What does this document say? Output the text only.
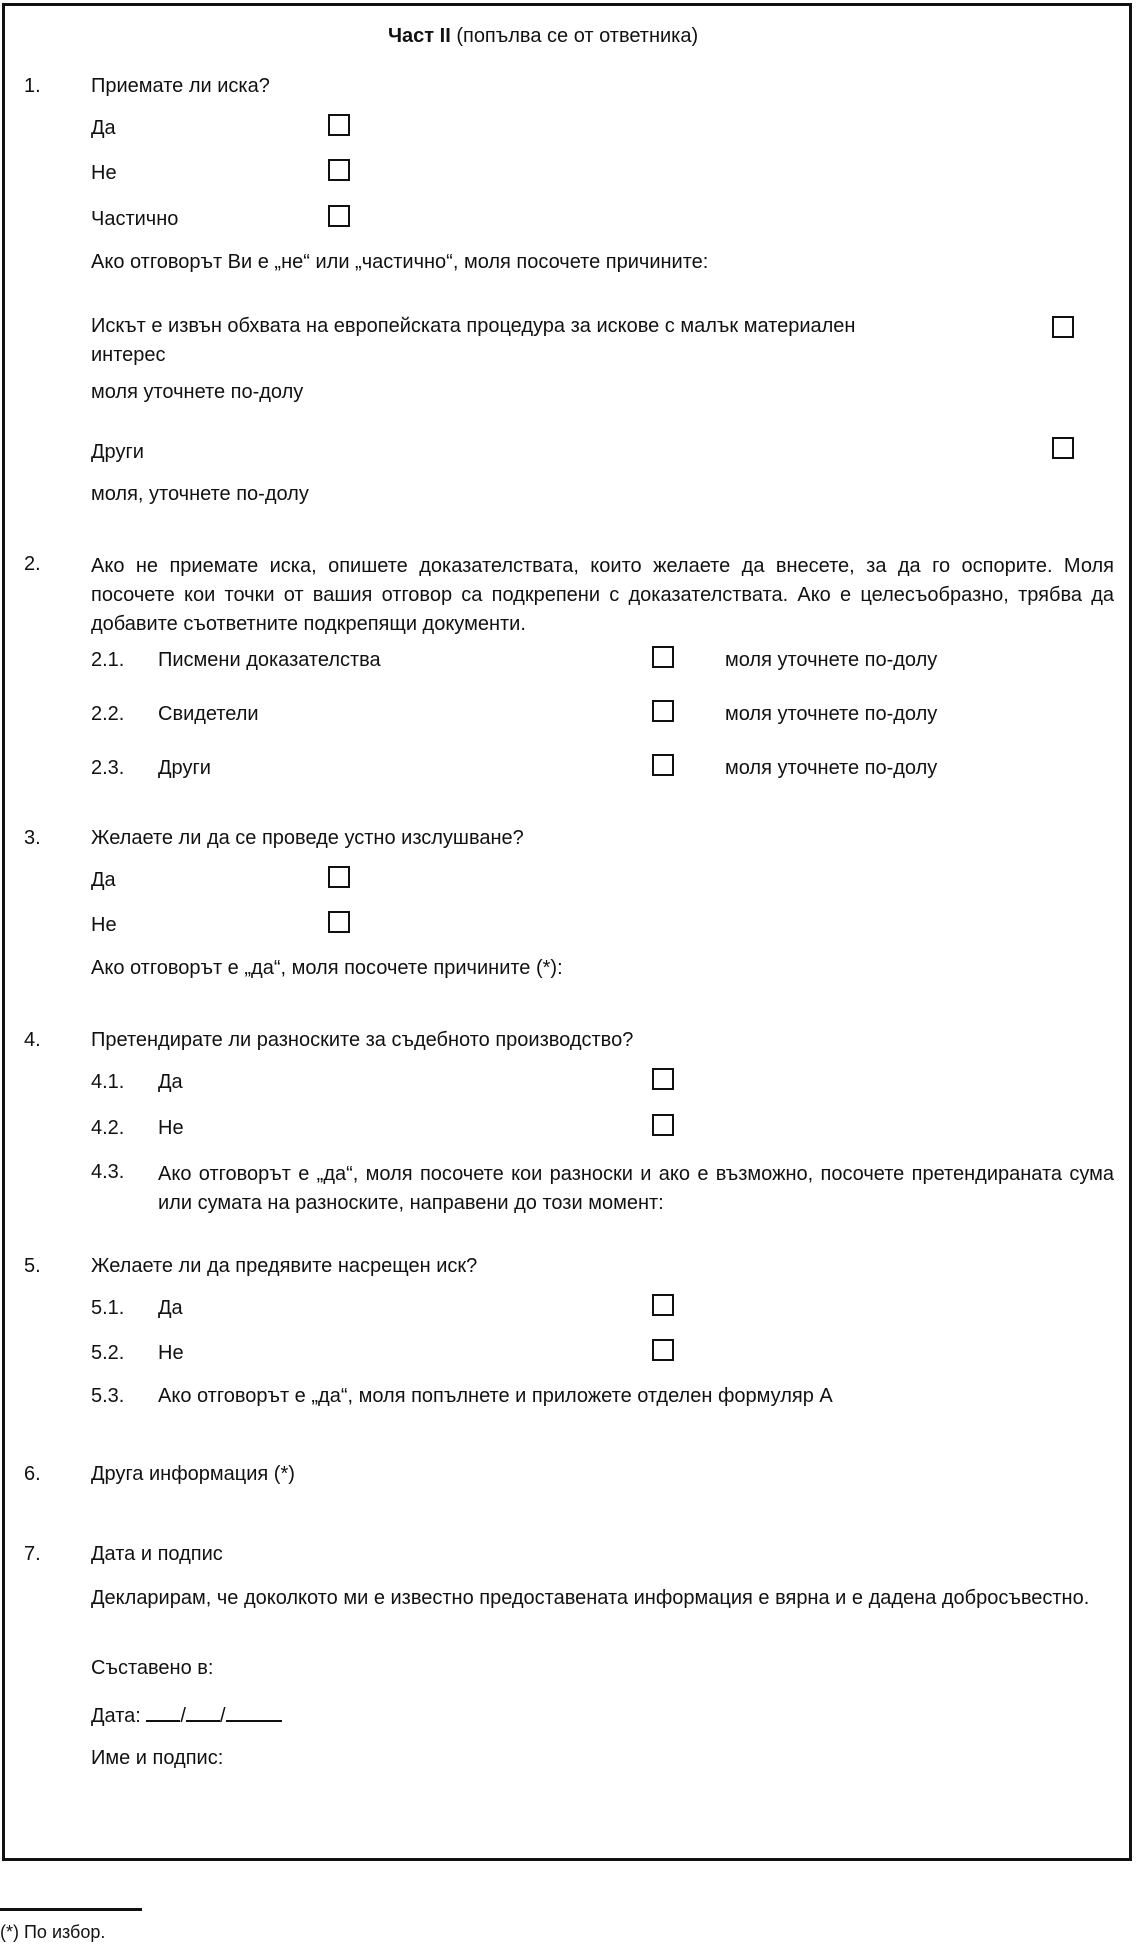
Част II (попълва се от ответника)
1.	Приемате ли иска?
Да
Не
Частично
Ако отговорът Ви е „не“ или „частично“, моля посочете причините:
Искът е извън обхвата на европейската процедура за искове с малък материален
интерес
моля уточнете по-долу
Други
моля, уточнете по-долу
2.	Ако не приемате иска, опишете доказателствата, които желаете да внесете, за да го оспорите. Моля посочете кои точки от вашия отговор са подкрепени с доказателствата. Ако е целесъобразно, трябва да добавите съответните подкрепящи документи.
2.1. Писмени доказателства	моля уточнете по-долу
2.2. Свидетели	моля уточнете по-долу
2.3. Други	моля уточнете по-долу
3.	Желаете ли да се проведе устно изслушване?
Да
Не
Ако отговорът е „да“, моля посочете причините (*):
4.	Претендирате ли разноските за съдебното производство?
4.1. Да
4.2. Не
4.3. Ако отговорът е „да“, моля посочете кои разноски и ако е възможно, посочете претендираната сума или сумата на разноските, направени до този момент:
5.	Желаете ли да предявите насрещен иск?
5.1. Да
5.2. Не
5.3. Ако отговорът е „да“, моля попълнете и приложете отделен формуляр А
6.	Друга информация (*)
7.	Дата и подпис
Декларирам, че доколкото ми е известно предоставената информация е вярна и е дадена добросъвестно.
Съставено в:
Дата: / /
Име и подпис:
(*) По избор.
